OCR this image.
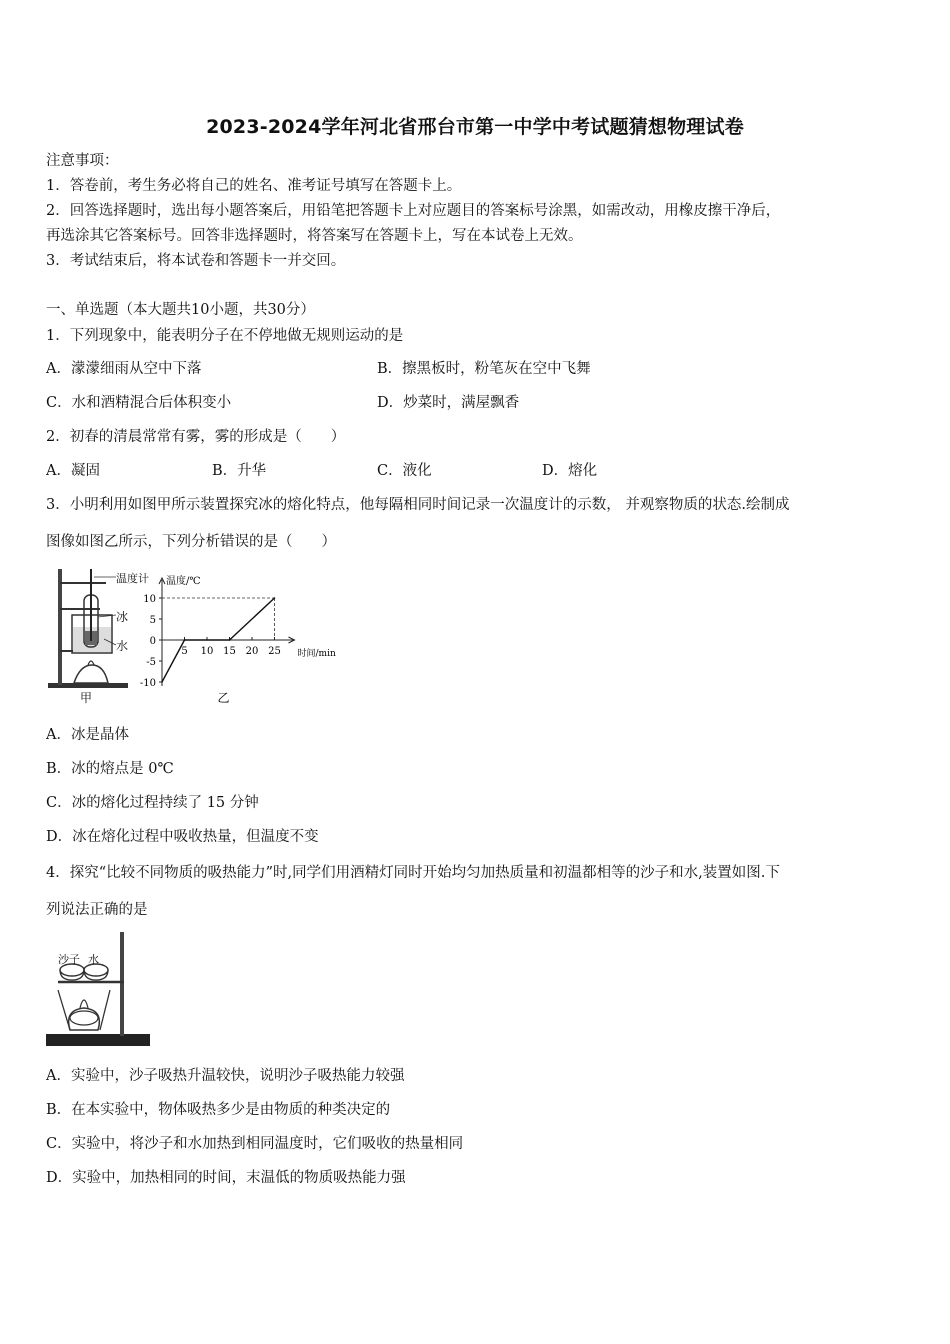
2023-2024学年河北省邢台市第一中学中考试题猜想物理试卷
注意事项：
1．答卷前，考生务必将自己的姓名、准考证号填写在答题卡上。
2．回答选择题时，选出每小题答案后，用铅笔把答题卡上对应题目的答案标号涂黑，如需改动，用橡皮擦干净后，
再选涂其它答案标号。回答非选择题时，将答案写在答题卡上，写在本试卷上无效。
3．考试结束后，将本试卷和答题卡一并交回。
一、单选题（本大题共10小题，共30分）
1．下列现象中，能表明分子在不停地做无规则运动的是
A．濛濛细雨从空中下落	B．擦黑板时，粉笔灰在空中飞舞
C．水和酒精混合后体积变小	D．炒菜时，满屋飘香
2．初春的清晨常常有雾，雾的形成是（　　）
A．凝固	B．升华	C．液化	D．熔化
3．小明利用如图甲所示装置探究冰的熔化特点，他每隔相同时间记录一次温度计的示数， 并观察物质的状态.绘制成
图像如图乙所示，下列分析错误的是（　　）
温度计
冰
水
甲
温度/℃
时间/min
乙
10
5
0
-5
-10
5 10 15 20 25
A．冰是晶体
B．冰的熔点是 0℃
C．冰的熔化过程持续了 15 分钟
D．冰在熔化过程中吸收热量，但温度不变
4．探究“比较不同物质的吸热能力”时,同学们用酒精灯同时开始均匀加热质量和初温都相等的沙子和水,装置如图.下
列说法正确的是
沙子 水
A．实验中，沙子吸热升温较快，说明沙子吸热能力较强
B．在本实验中，物体吸热多少是由物质的种类决定的
C．实验中，将沙子和水加热到相同温度时，它们吸收的热量相同
D．实验中，加热相同的时间，末温低的物质吸热能力强
